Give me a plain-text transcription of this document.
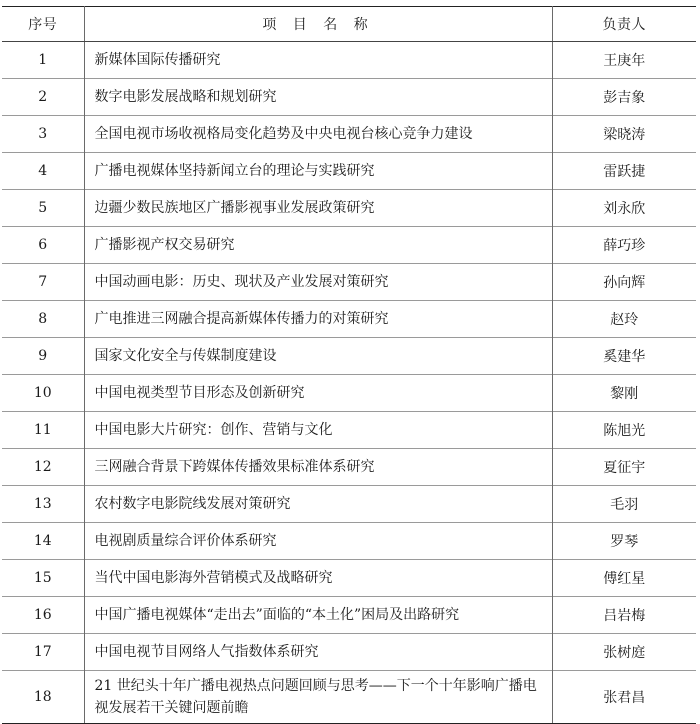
序号	项 目 名 称	负责人
1	新媒体国际传播研究	王庚年
2	数字电影发展战略和规划研究	彭吉象
3	全国电视市场收视格局变化趋势及中央电视台核心竞争力建设	梁晓涛
4	广播电视媒体坚持新闻立台的理论与实践研究	雷跃捷
5	边疆少数民族地区广播影视事业发展政策研究	刘永欣
6	广播影视产权交易研究	薛巧珍
7	中国动画电影：历史、现状及产业发展对策研究	孙向辉
8	广电推进三网融合提高新媒体传播力的对策研究	赵玲
9	国家文化安全与传媒制度建设	奚建华
10	中国电视类型节目形态及创新研究	黎刚
11	中国电影大片研究：创作、营销与文化	陈旭光
12	三网融合背景下跨媒体传播效果标准体系研究	夏征宇
13	农村数字电影院线发展对策研究	毛羽
14	电视剧质量综合评价体系研究	罗琴
15	当代中国电影海外营销模式及战略研究	傅红星
16	中国广播电视媒体“走出去”面临的“本土化”困局及出路研究	吕岩梅
17	中国电视节目网络人气指数体系研究	张树庭
18	21 世纪头十年广播电视热点问题回顾与思考——下一个十年影响广播电视发展若干关键问题前瞻	张君昌
